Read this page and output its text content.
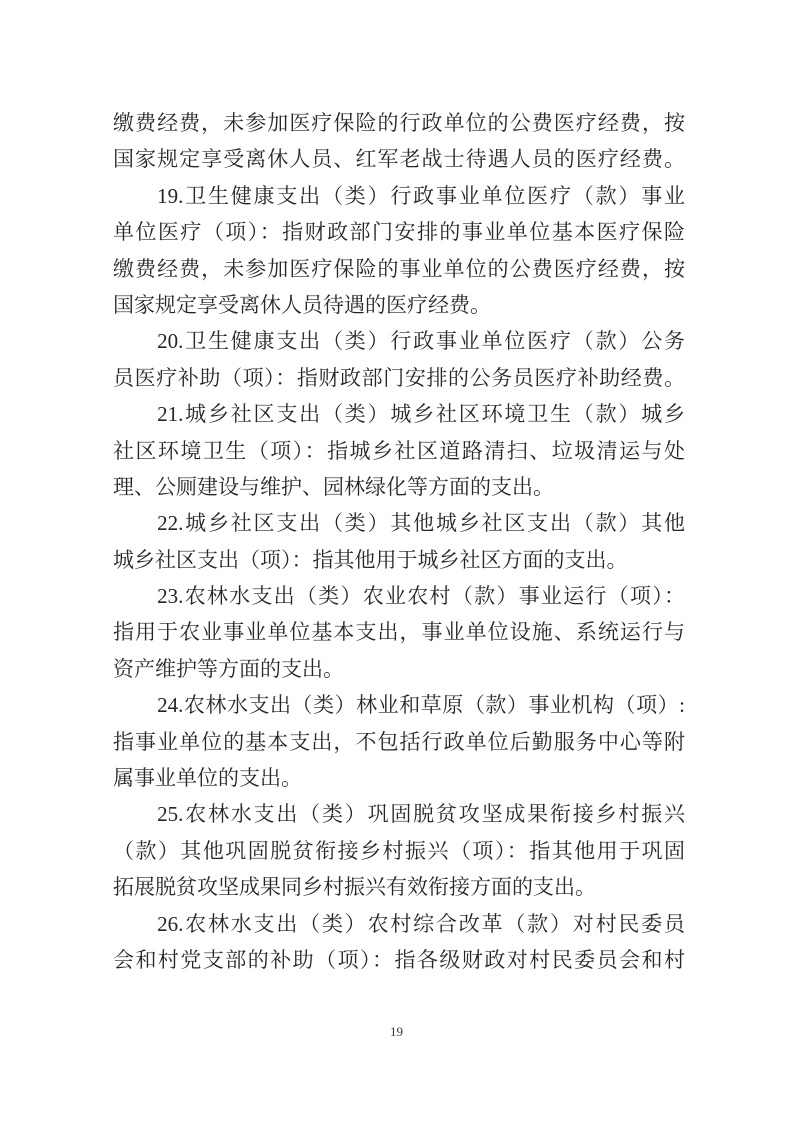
缴费经费，未参加医疗保险的行政单位的公费医疗经费，按
国家规定享受离休人员、红军老战士待遇人员的医疗经费。
19.卫生健康支出（类）行政事业单位医疗（款）事业
单位医疗（项）：指财政部门安排的事业单位基本医疗保险
缴费经费，未参加医疗保险的事业单位的公费医疗经费，按
国家规定享受离休人员待遇的医疗经费。
20.卫生健康支出（类）行政事业单位医疗（款）公务
员医疗补助（项）：指财政部门安排的公务员医疗补助经费。
21.城乡社区支出（类）城乡社区环境卫生（款）城乡
社区环境卫生（项）：指城乡社区道路清扫、垃圾清运与处
理、公厕建设与维护、园林绿化等方面的支出。
22.城乡社区支出（类）其他城乡社区支出（款）其他
城乡社区支出（项）：指其他用于城乡社区方面的支出。
23.农林水支出（类）农业农村（款）事业运行（项）：
指用于农业事业单位基本支出，事业单位设施、系统运行与
资产维护等方面的支出。
24.农林水支出（类）林业和草原（款）事业机构（项）:
指事业单位的基本支出，不包括行政单位后勤服务中心等附
属事业单位的支出。
25.农林水支出（类）巩固脱贫攻坚成果衔接乡村振兴
（款）其他巩固脱贫衔接乡村振兴（项）：指其他用于巩固
拓展脱贫攻坚成果同乡村振兴有效衔接方面的支出。
26.农林水支出（类）农村综合改革（款）对村民委员
会和村党支部的补助（项）：指各级财政对村民委员会和村
19
